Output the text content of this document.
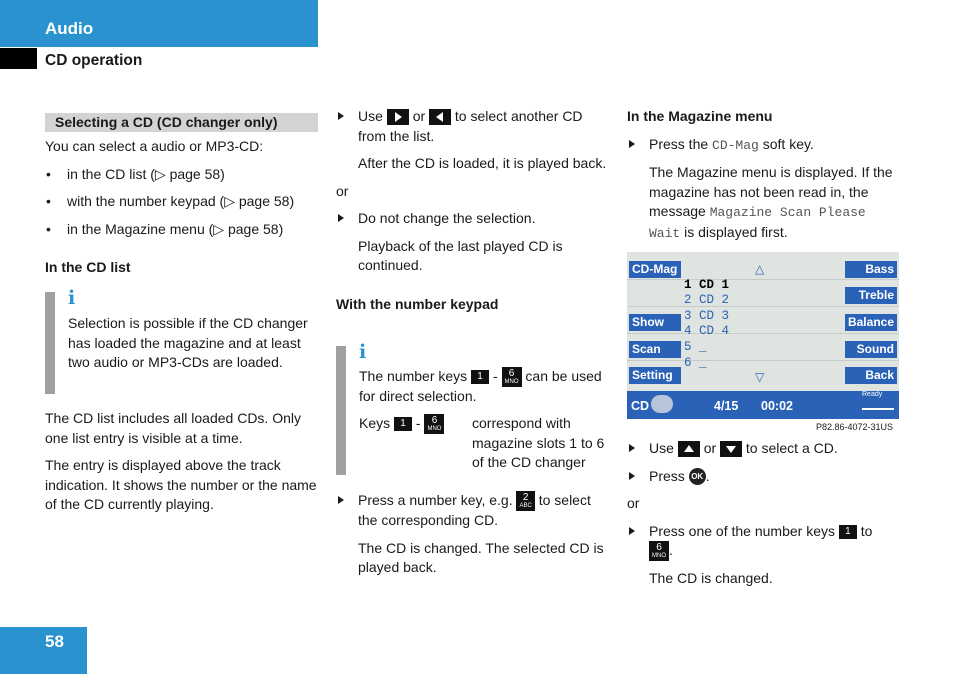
Audio
CD operation
Selecting a CD (CD changer only)

You can select a audio or MP3-CD:

• in the CD list (▷ page 58)

• with the number keypad (▷ page 58)

• in the Magazine menu (▷ page 58)

In the CD list

i
Selection is possible if the CD changer has loaded the magazine and at least two audio or MP3-CDs are loaded.

The CD list includes all loaded CDs. Only one list entry is visible at a time.

The entry is displayed above the track indication. It shows the number or the name of the CD currently playing.

Use or to select another CD from the list.

After the CD is loaded, it is played back.

or

Do not change the selection.

Playback of the last played CD is continued.

With the number keypad

i
The number keys 1 - 6
MNO can be used for direct selection.
Keys 1 - 6
MNO correspond with magazine slots 1 to 6 of the CD changer

Press a number key, e.g. 2
ABC to select the corresponding CD.

The CD is changed. The selected CD is played back.

In the Magazine menu

Press the CD-Mag soft key.

The Magazine menu is displayed. If the magazine has not been read in, the message Magazine Scan Please Wait is displayed first.

CD-Mag
Show
Scan
Setting
Bass
Treble
Balance
Sound
Back
△
▽
1 CD 1
2 CD 2
3 CD 3
4 CD 4
5 _
6 _
CD	4/15 00:02
Ready
P82.86-4072-31US

Use or to select a CD.

Press OK .

or

Press one of the number keys 1 to
6
MNO .

The CD is changed.

58
